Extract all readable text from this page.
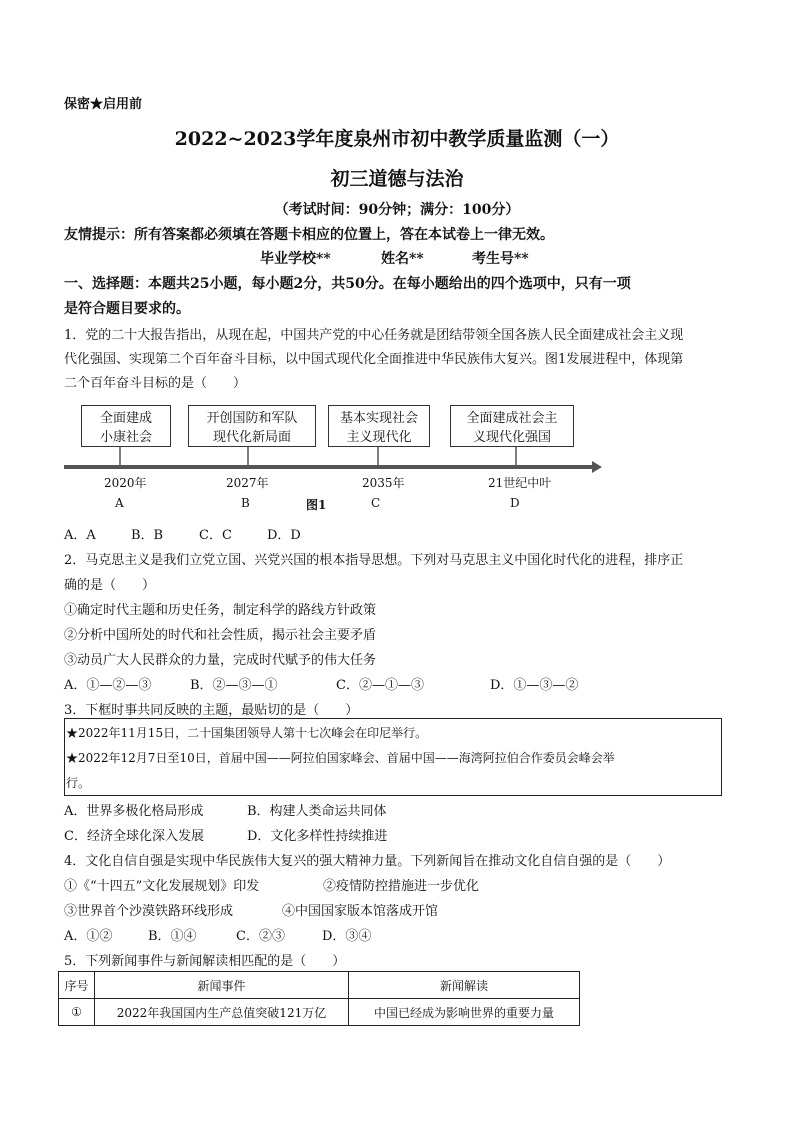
保密★启用前
2022~2023学年度泉州市初中教学质量监测（一）
初三道德与法治
（考试时间：90分钟；满分：100分）
友情提示：所有答案都必须填在答题卡相应的位置上，答在本试卷上一律无效。
毕业学校**	姓名**	考生号**
一、选择题：本题共25小题，每小题2分，共50分。在每小题给出的四个选项中，只有一项
是符合题目要求的。
1．党的二十大报告指出，从现在起，中国共产党的中心任务就是团结带领全国各族人民全面建成社会主义现
代化强国、实现第二个百年奋斗目标，以中国式现代化全面推进中华民族伟大复兴。图1发展进程中，体现第
二个百年奋斗目标的是（　　）
全面建成
小康社会
开创国防和军队
现代化新局面
基本实现社会
主义现代化
全面建成社会主
义现代化强国
2020年	2027年	2035年	21世纪中叶
A	B	图1	C	D
A．A	B．B	C．C	D．D
2．马克思主义是我们立党立国、兴党兴国的根本指导思想。下列对马克思主义中国化时代化的进程，排序正
确的是（　　）
①确定时代主题和历史任务，制定科学的路线方针政策
②分析中国所处的时代和社会性质，揭示社会主要矛盾
③动员广大人民群众的力量，完成时代赋予的伟大任务
A．①—②—③	B．②—③—①	C．②—①—③	D．①—③—②
3．下框时事共同反映的主题，最贴切的是（　　）
★2022年11月15日，二十国集团领导人第十七次峰会在印尼举行。
★2022年12月7日至10日，首届中国——阿拉伯国家峰会、首届中国——海湾阿拉伯合作委员会峰会举
行。
A．世界多极化格局形成	B．构建人类命运共同体
C．经济全球化深入发展	D．文化多样性持续推进
4．文化自信自强是实现中华民族伟大复兴的强大精神力量。下列新闻旨在推动文化自信自强的是（　　）
①《“十四五”文化发展规划》印发	②疫情防控措施进一步优化
③世界首个沙漠铁路环线形成	④中国国家版本馆落成开馆
A．①②	B．①④	C．②③	D．③④
5．下列新闻事件与新闻解读相匹配的是（　　）
序号	新闻事件	新闻解读
①	2022年我国国内生产总值突破121万亿	中国已经成为影响世界的重要力量
